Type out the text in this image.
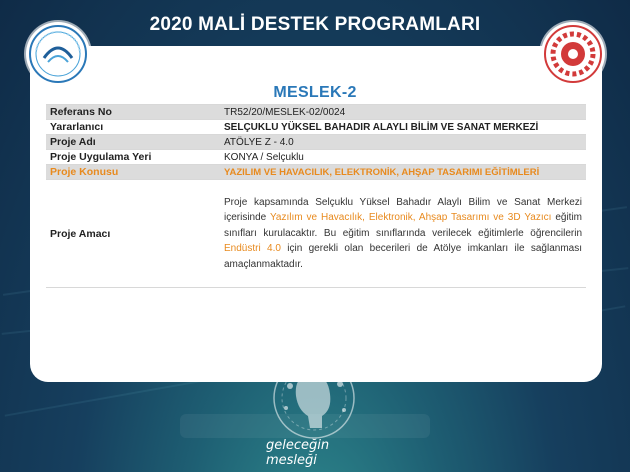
2020 MALİ DESTEK PROGRAMLARI
MESLEK-2
Referans No	TR52/20/MESLEK-02/0024
Yararlanıcı	SELÇUKLU YÜKSEL BAHADIR ALAYLI BİLİM VE SANAT MERKEZİ
Proje Adı	ATÖLYE Z - 4.0
Proje Uygulama Yeri	KONYA / Selçuklu
Proje Konusu	YAZILIM VE HAVACILIK, ELEKTRONİK, AHŞAP TASARIMI EĞİTİMLERİ
Proje Amacı	Proje kapsamında Selçuklu Yüksel Bahadır Alaylı Bilim ve Sanat Merkezi içerisinde Yazılım ve Havacılık, Elektronik, Ahşap Tasarımı ve 3D Yazıcı eğitim sınıfları kurulacaktır. Bu eğitim sınıflarında verilecek eğitimlerle öğrencilerin Endüstri 4.0 için gerekli olan becerileri de Atölye imkanları ile sağlanması amaçlanmaktadır.
geleceğin
mesleği
